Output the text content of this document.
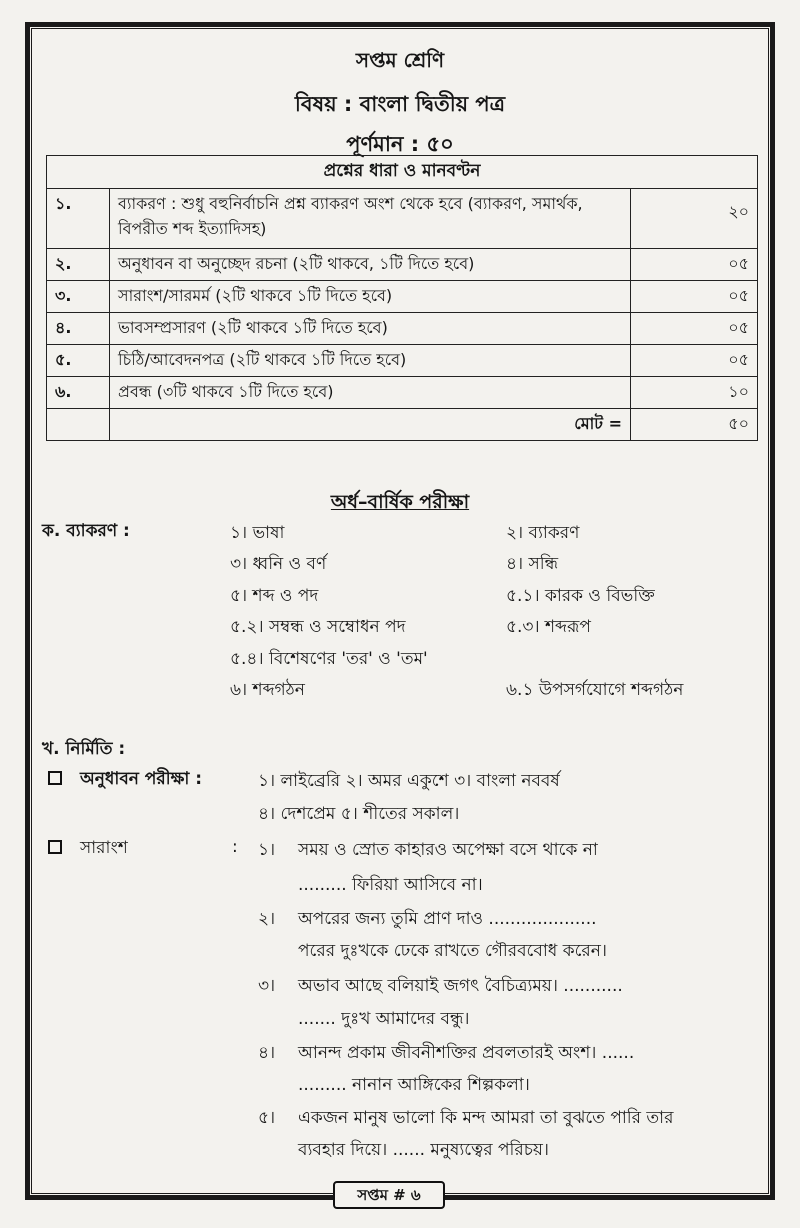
সপ্তম শ্রেণি
বিষয় : বাংলা দ্বিতীয় পত্র
পূর্ণমান : ৫০
প্রশ্নের ধারা ও মানবণ্টন		
১.	ব্যাকরণ : শুধু বহুনির্বাচনি প্রশ্ন ব্যাকরণ অংশ থেকে হবে (ব্যাকরণ, সমার্থক, বিপরীত শব্দ ইত্যাদিসহ)	২০
২.	অনুধাবন বা অনুচ্ছেদ রচনা (২টি থাকবে, ১টি দিতে হবে)	০৫
৩.	সারাংশ/সারমর্ম (২টি থাকবে ১টি দিতে হবে)	০৫
৪.	ভাবসম্প্রসারণ (২টি থাকবে ১টি দিতে হবে)	০৫
৫.	চিঠি/আবেদনপত্র (২টি থাকবে ১টি দিতে হবে)	০৫
৬.	প্রবন্ধ (৩টি থাকবে ১টি দিতে হবে)	১০
	মোট =	৫০
অর্ধ–বার্ষিক পরীক্ষা
ক. ব্যাকরণ :	১। ভাষা	২। ব্যাকরণ
৩। ধ্বনি ও বর্ণ	৪। সন্ধি
৫। শব্দ ও পদ	৫.১। কারক ও বিভক্তি
৫.২। সম্বন্ধ ও সম্বোধন পদ	৫.৩। শব্দরূপ
৫.৪। বিশেষণের 'তর' ও 'তম'
৬। শব্দগঠন	৬.১ উপসর্গযোগে শব্দগঠন
খ. নির্মিতি :
অনুধাবন পরীক্ষা :	১। লাইব্রেরি ২। অমর একুশে ৩। বাংলা নববর্ষ
৪। দেশপ্রেম ৫। শীতের সকাল।
সারাংশ	: ১। সময় ও স্রোত কাহারও অপেক্ষা বসে থাকে না
......... ফিরিয়া আসিবে না।
২। অপরের জন্য তুমি প্রাণ দাও ....................
পরের দুঃখকে ঢেকে রাখতে গৌরববোধ করেন।
৩। অভাব আছে বলিয়াই জগৎ বৈচিত্র্যময়। ...........
....... দুঃখ আমাদের বন্ধু।
৪। আনন্দ প্রকাম জীবনীশক্তির প্রবলতারই অংশ। ......
......... নানান আঙ্গিকের শিল্পকলা।
৫। একজন মানুষ ভালো কি মন্দ আমরা তা বুঝতে পারি তার
ব্যবহার দিয়ে। ...... মনুষ্যত্বের পরিচয়।
সপ্তম # ৬
